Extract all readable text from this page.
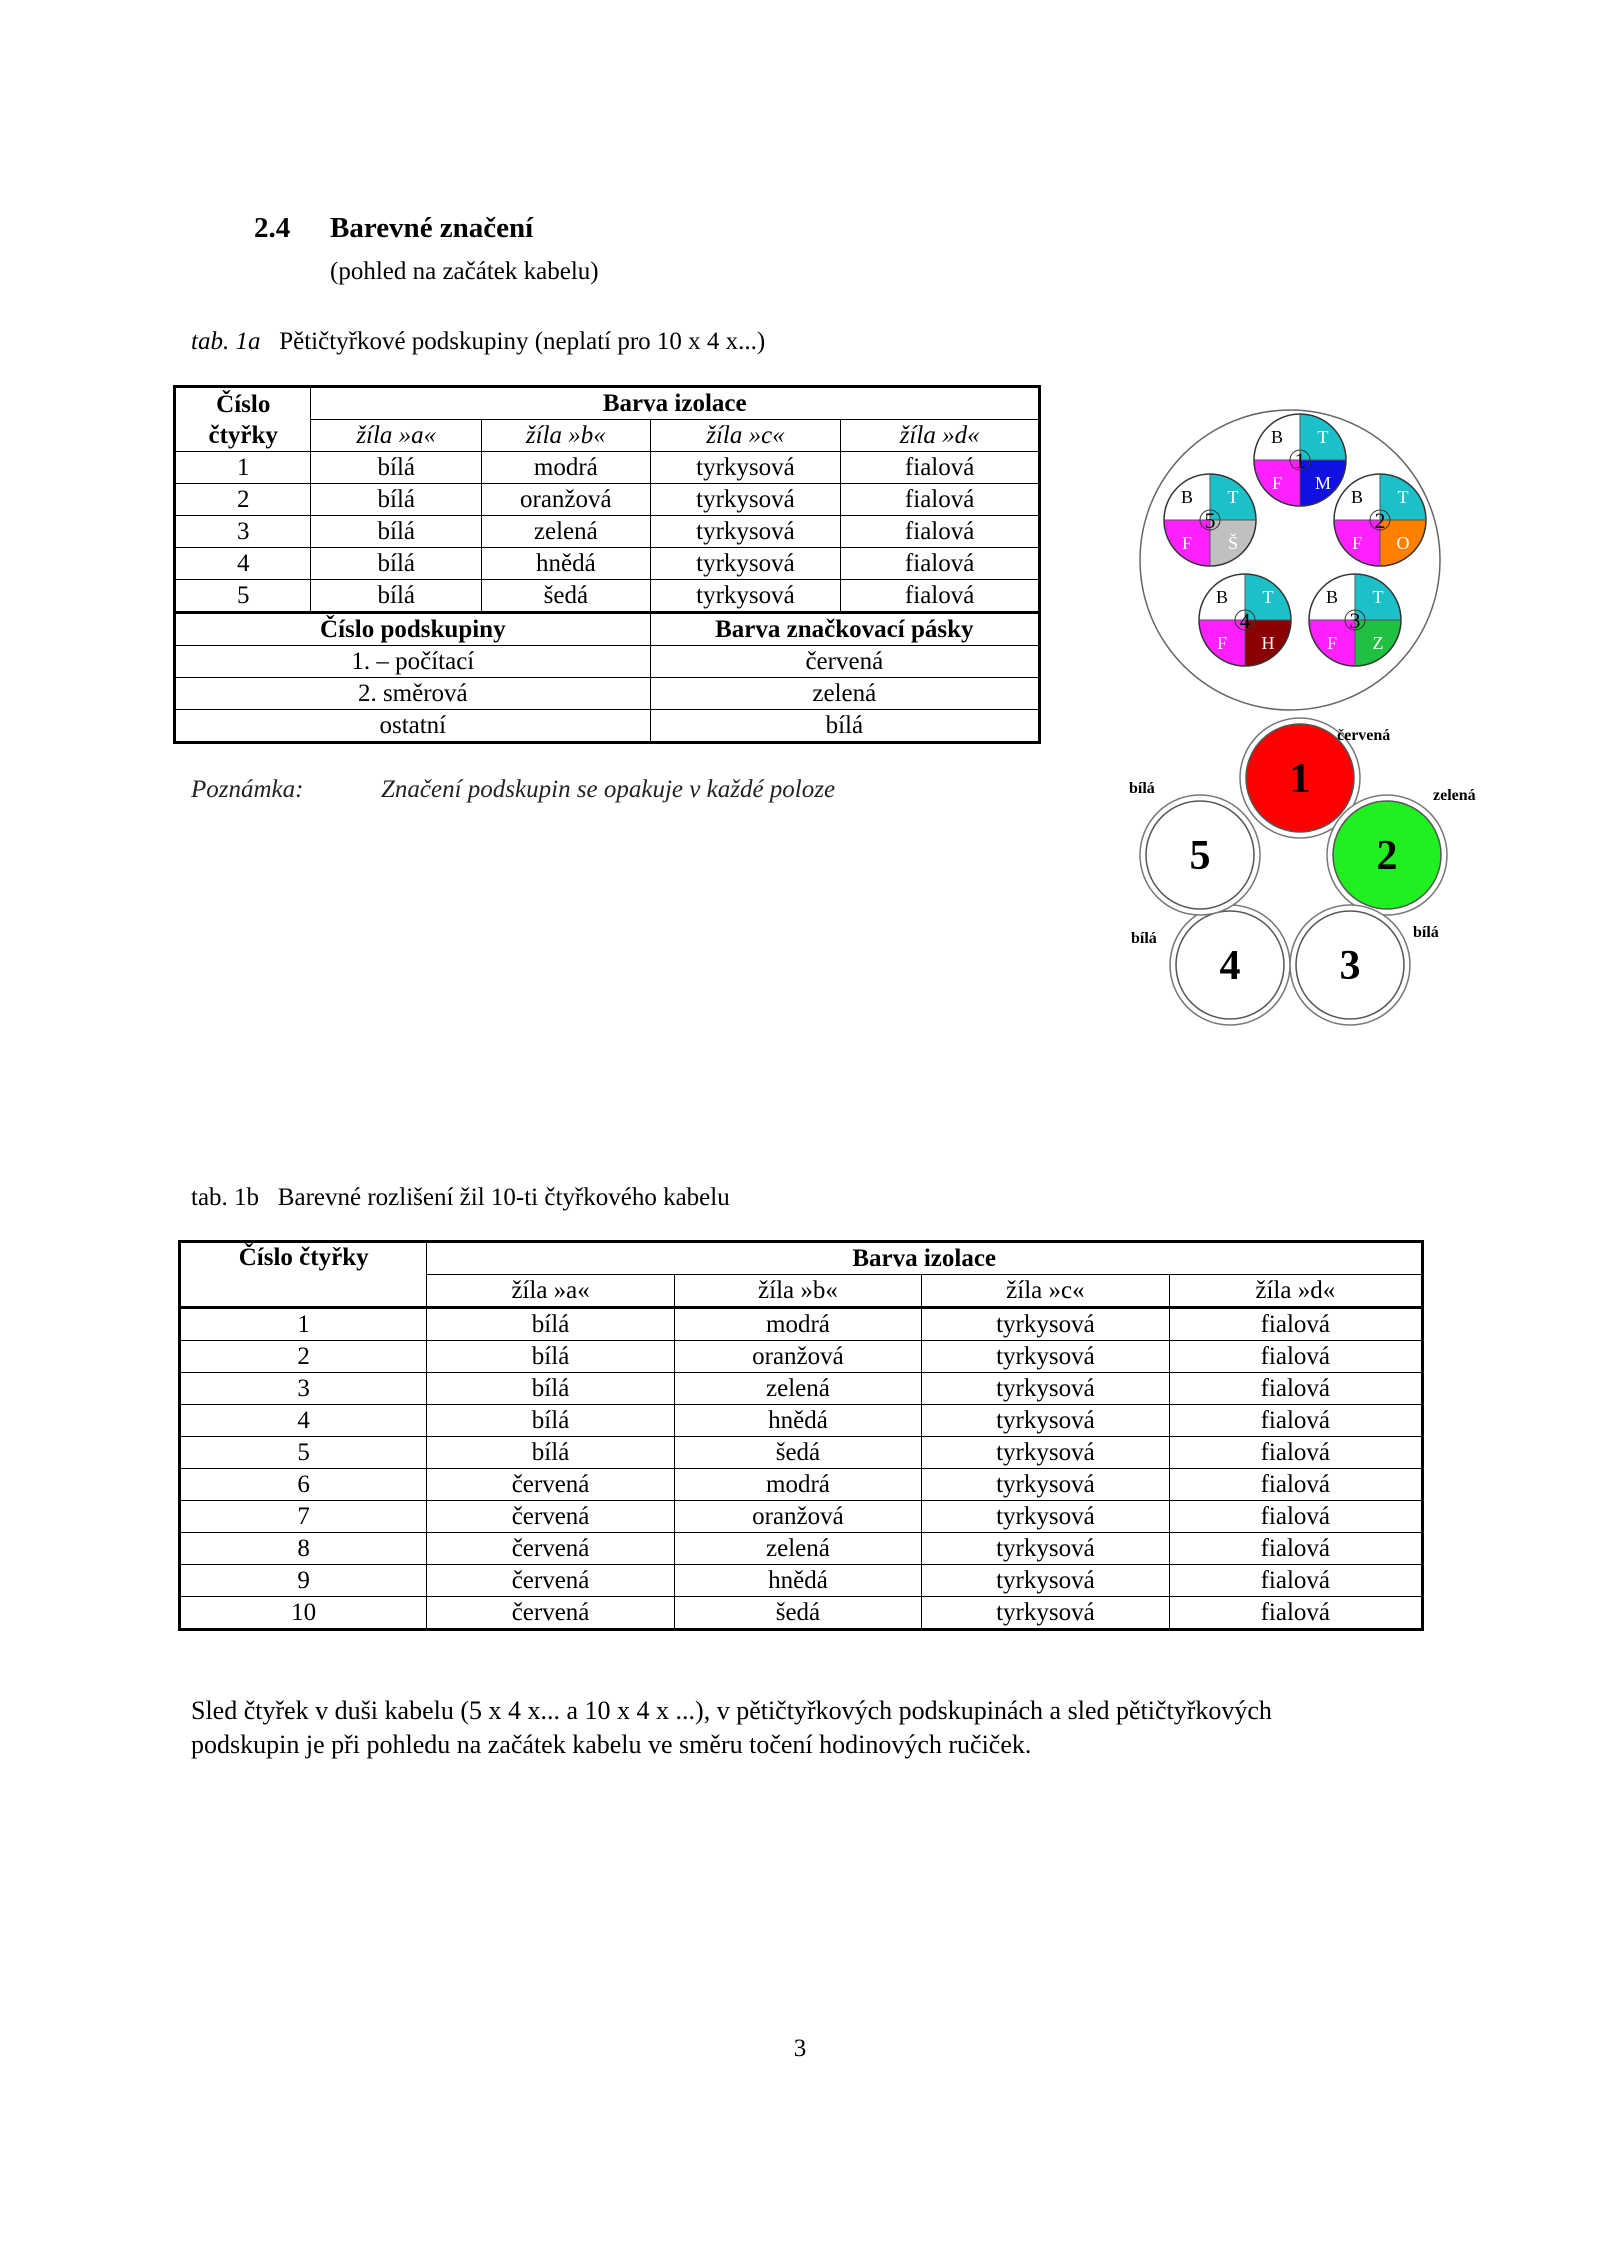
2.4 Barevné značení
(pohled na začátek kabelu)
tab. 1a Pětičtyřkové podskupiny (neplatí pro 10 x 4 x...)
Číslo
čtyřky	Barva izolace			
	žíla »a«	žíla »b«	žíla »c«	žíla »d«
1	bílá	modrá	tyrkysová	fialová
2	bílá	oranžová	tyrkysová	fialová
3	bílá	zelená	tyrkysová	fialová
4	bílá	hnědá	tyrkysová	fialová
5	bílá	šedá	tyrkysová	fialová
Číslo podskupiny			Barva značkovací pásky	
1. – počítací			červená	
2. směrová			zelená	
ostatní			bílá	
Poznámka:	Značení podskupin se opakuje v každé poloze
B T
F M
1
B T
F O
2
B T
F Z
3
B T
F H
4
B T
F Š
5
1
červená
2
zelená
3
bílá
4
bílá
5
bílá
tab. 1b Barevné rozlišení žil 10-ti čtyřkového kabelu
Číslo čtyřky	Barva izolace			
	žíla »a«	žíla »b«	žíla »c«	žíla »d«
1	bílá	modrá	tyrkysová	fialová
2	bílá	oranžová	tyrkysová	fialová
3	bílá	zelená	tyrkysová	fialová
4	bílá	hnědá	tyrkysová	fialová
5	bílá	šedá	tyrkysová	fialová
6	červená	modrá	tyrkysová	fialová
7	červená	oranžová	tyrkysová	fialová
8	červená	zelená	tyrkysová	fialová
9	červená	hnědá	tyrkysová	fialová
10	červená	šedá	tyrkysová	fialová
Sled čtyřek v duši kabelu (5 x 4 x... a 10 x 4 x ...), v pětičtyřkových podskupinách a sled pětičtyřkových
podskupin je při pohledu na začátek kabelu ve směru točení hodinových ručiček.
3
